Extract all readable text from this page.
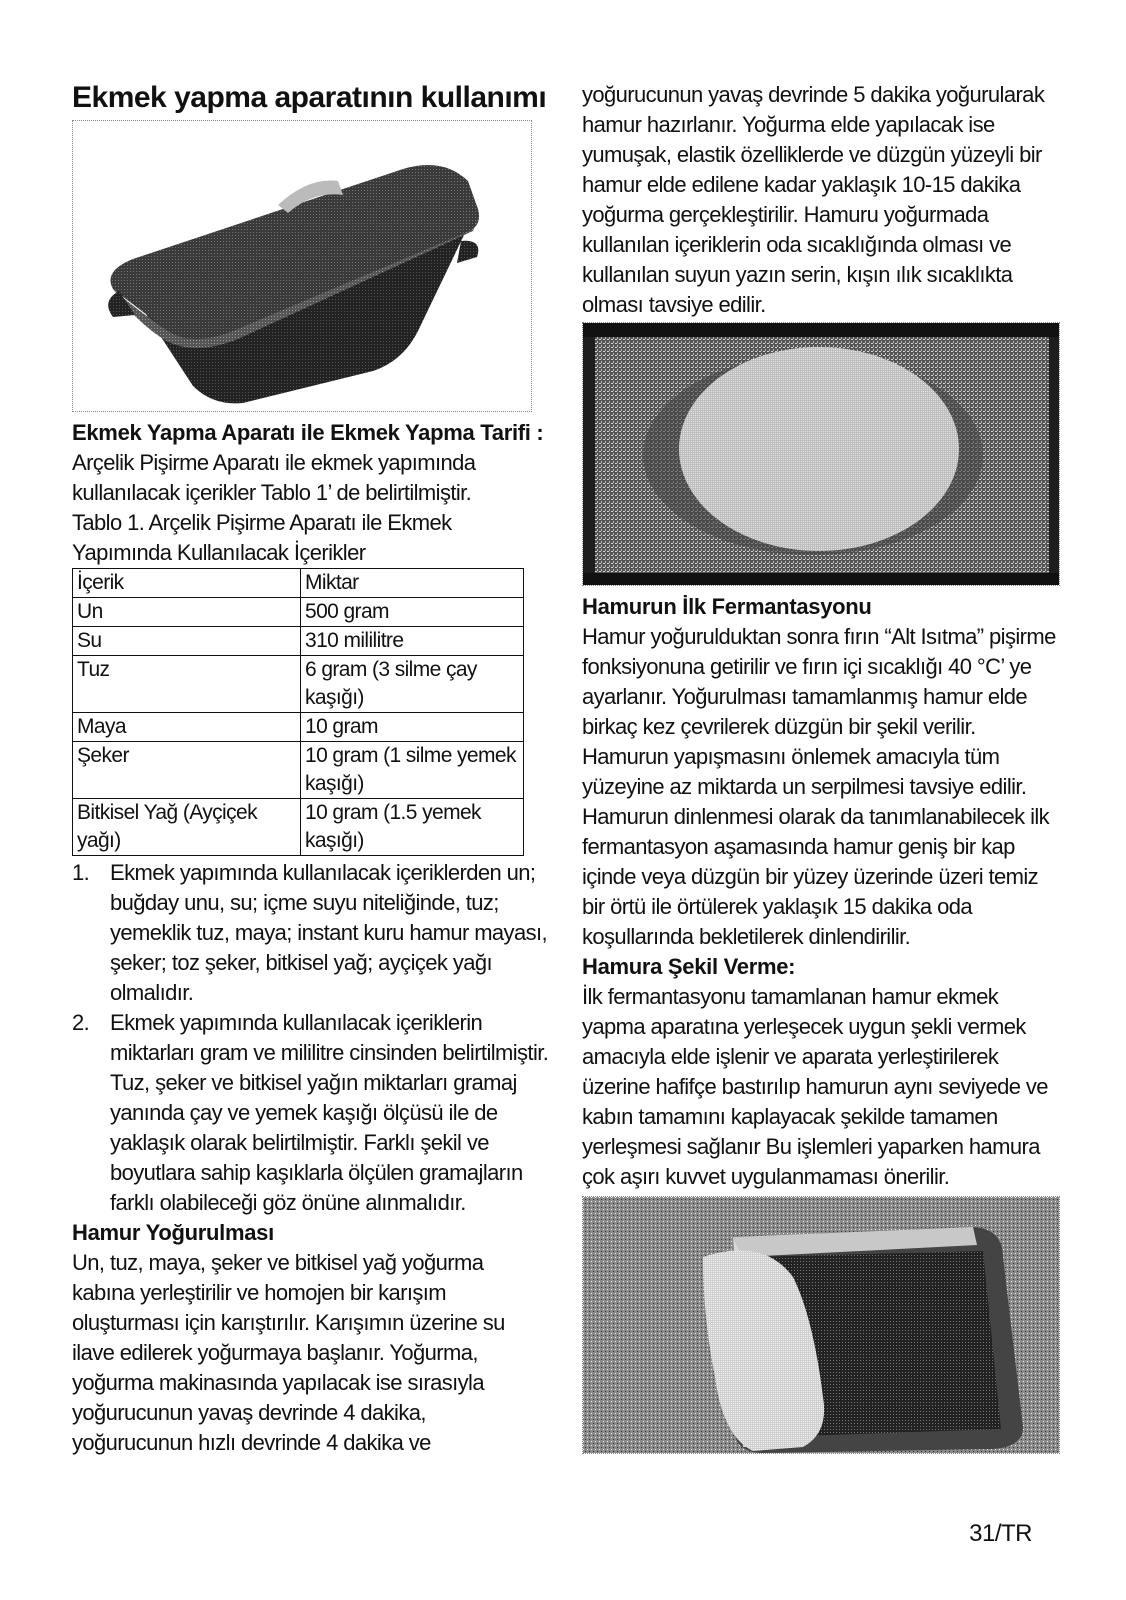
Ekmek yapma aparatının kullanımı
Ekmek Yapma Aparatı ile Ekmek Yapma Tarifi :

Arçelik Pişirme Aparatı ile ekmek yapımında kullanılacak içerikler Tablo 1’ de belirtilmiştir.

Tablo 1. Arçelik Pişirme Aparatı ile Ekmek Yapımında Kullanılacak İçerikler

İçerik	Miktar
Un	500 gram
Su	310 mililitre
Tuz	6 gram (3 silme çay kaşığı)
Maya	10 gram
Şeker	10 gram (1 silme yemek kaşığı)
Bitkisel Yağ (Ayçiçek yağı)	10 gram (1.5 yemek kaşığı)
1. Ekmek yapımında kullanılacak içeriklerden un; buğday unu, su; içme suyu niteliğinde, tuz; yemeklik tuz, maya; instant kuru hamur mayası, şeker; toz şeker, bitkisel yağ; ayçiçek yağı olmalıdır.
2. Ekmek yapımında kullanılacak içeriklerin miktarları gram ve mililitre cinsinden belirtilmiştir. Tuz, şeker ve bitkisel yağın miktarları gramaj yanında çay ve yemek kaşığı ölçüsü ile de yaklaşık olarak belirtilmiştir. Farklı şekil ve boyutlara sahip kaşıklarla ölçülen gramajların farklı olabileceği göz önüne alınmalıdır.
Hamur Yoğurulması

Un, tuz, maya, şeker ve bitkisel yağ yoğurma kabına yerleştirilir ve homojen bir karışım oluşturması için karıştırılır. Karışımın üzerine su ilave edilerek yoğurmaya başlanır. Yoğurma, yoğurma makinasında yapılacak ise sırasıyla yoğurucunun yavaş devrinde 4 dakika, yoğurucunun hızlı devrinde 4 dakika ve

yoğurucunun yavaş devrinde 5 dakika yoğurularak hamur hazırlanır. Yoğurma elde yapılacak ise yumuşak, elastik özelliklerde ve düzgün yüzeyli bir hamur elde edilene kadar yaklaşık 10-15 dakika yoğurma gerçekleştirilir. Hamuru yoğurmada kullanılan içeriklerin oda sıcaklığında olması ve kullanılan suyun yazın serin, kışın ılık sıcaklıkta olması tavsiye edilir.

Hamurun İlk Fermantasyonu

Hamur yoğurulduktan sonra fırın “Alt Isıtma” pişirme fonksiyonuna getirilir ve fırın içi sıcaklığı 40 °C’ ye ayarlanır. Yoğurulması tamamlanmış hamur elde birkaç kez çevrilerek düzgün bir şekil verilir. Hamurun yapışmasını önlemek amacıyla tüm yüzeyine az miktarda un serpilmesi tavsiye edilir.

Hamurun dinlenmesi olarak da tanımlanabilecek ilk fermantasyon aşamasında hamur geniş bir kap içinde veya düzgün bir yüzey üzerinde üzeri temiz bir örtü ile örtülerek yaklaşık 15 dakika oda koşullarında bekletilerek dinlendirilir.

Hamura Şekil Verme:

İlk fermantasyonu tamamlanan hamur ekmek yapma aparatına yerleşecek uygun şekli vermek amacıyla elde işlenir ve aparata yerleştirilerek üzerine hafifçe bastırılıp hamurun aynı seviyede ve kabın tamamını kaplayacak şekilde tamamen yerleşmesi sağlanır Bu işlemleri yaparken hamura çok aşırı kuvvet uygulanmaması önerilir.

31/TR
